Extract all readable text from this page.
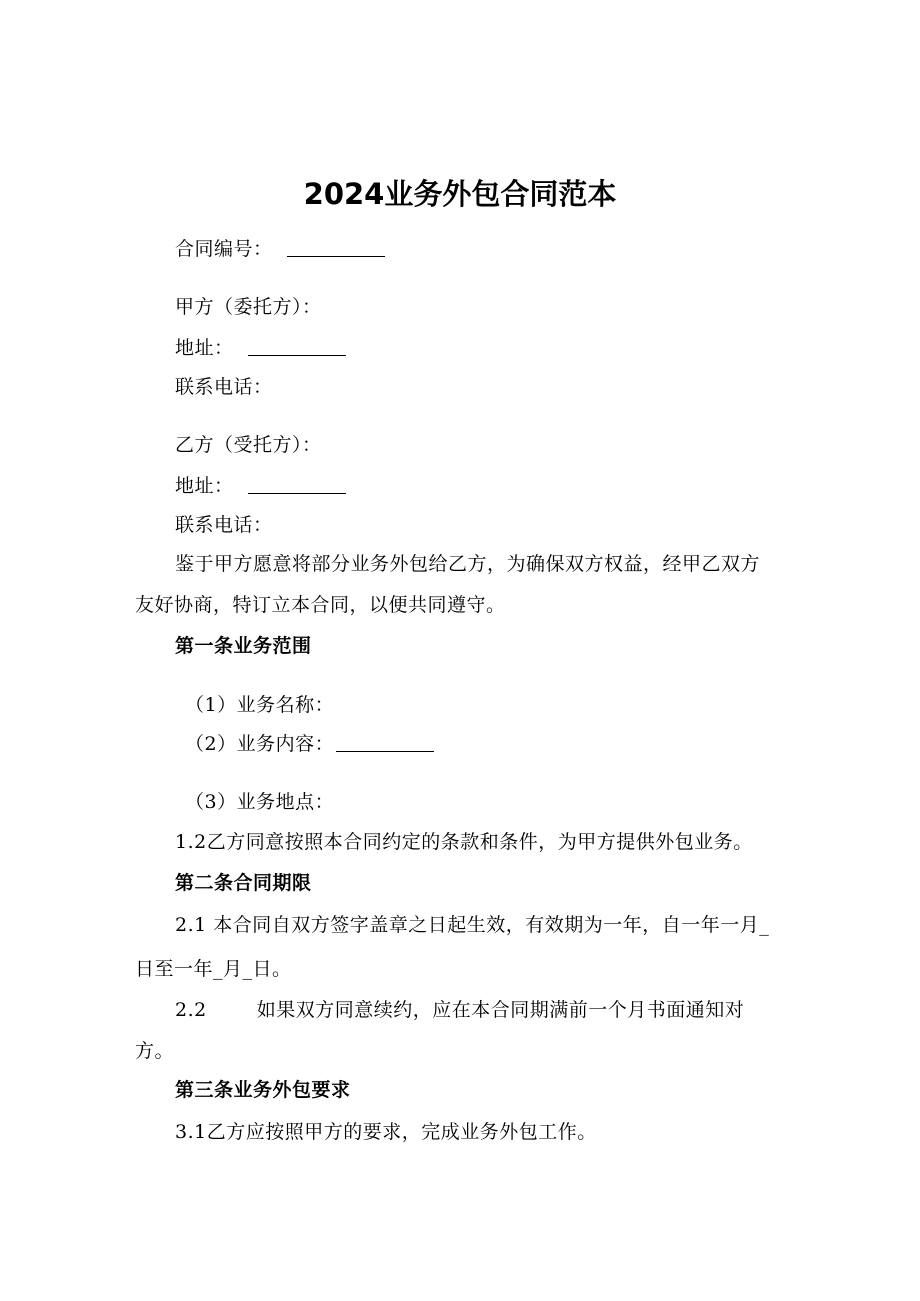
2024业务外包合同范本
合同编号：
甲方（委托方）：
地址：
联系电话：
乙方（受托方）：
地址：
联系电话：
鉴于甲方愿意将部分业务外包给乙方，为确保双方权益，经甲乙双方
友好协商，特订立本合同，以便共同遵守。
第一条业务范围
（1）业务名称：
（2）业务内容：
（3）业务地点：
1.2乙方同意按照本合同约定的条款和条件，为甲方提供外包业务。
第二条合同期限
2.1 本合同自双方签字盖章之日起生效，有效期为一年，自一年一月_
日至一年_月_日。
2.2	如果双方同意续约，应在本合同期满前一个月书面通知对
方。
第三条业务外包要求
3.1乙方应按照甲方的要求，完成业务外包工作。
